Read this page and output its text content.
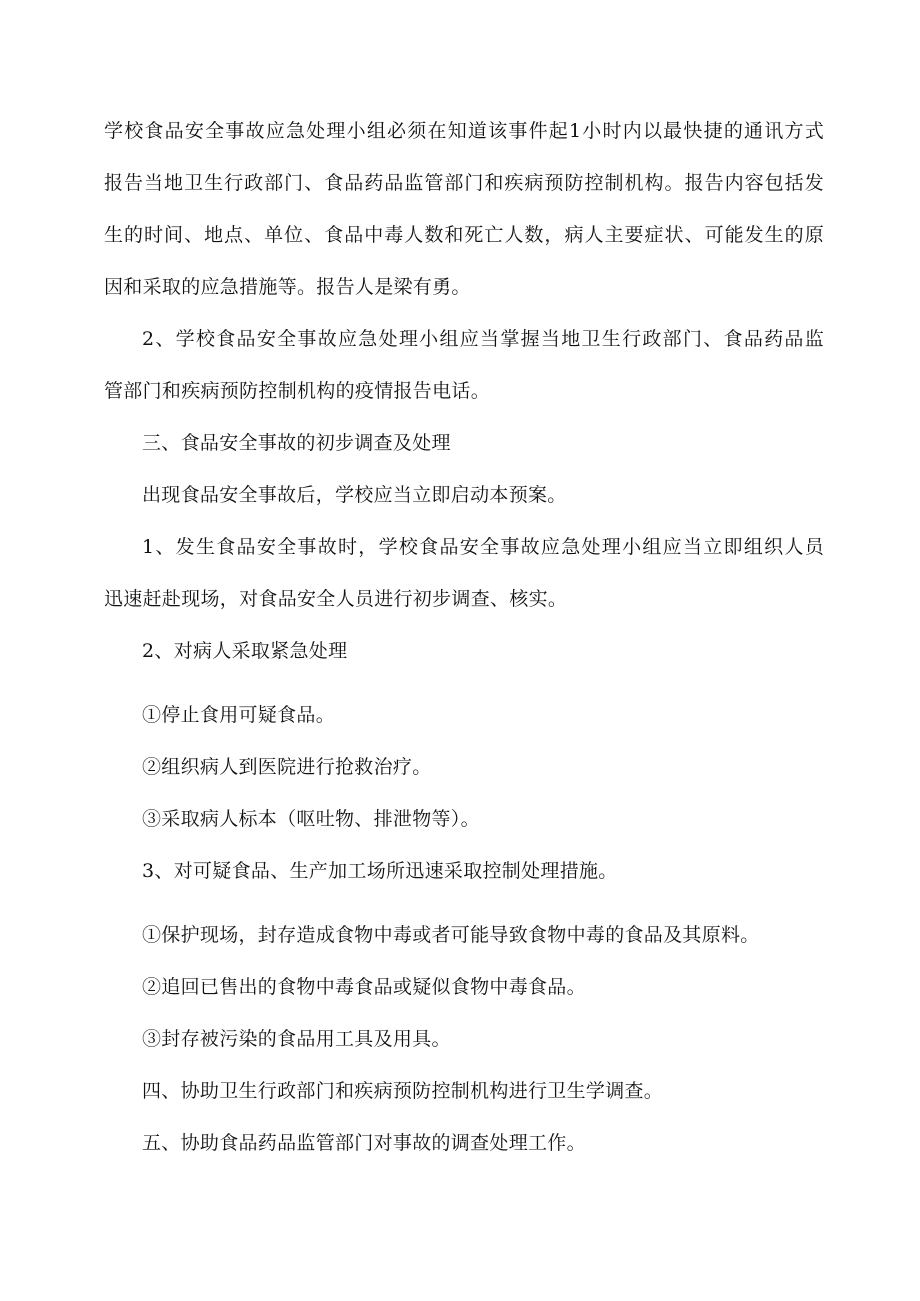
学校食品安全事故应急处理小组必须在知道该事件起1小时内以最快捷的通讯方式
报告当地卫生行政部门、食品药品监管部门和疾病预防控制机构。报告内容包括发
生的时间、地点、单位、食品中毒人数和死亡人数，病人主要症状、可能发生的原
因和采取的应急措施等。报告人是梁有勇。
2、学校食品安全事故应急处理小组应当掌握当地卫生行政部门、食品药品监
管部门和疾病预防控制机构的疫情报告电话。
三、食品安全事故的初步调查及处理
出现食品安全事故后，学校应当立即启动本预案。
1、发生食品安全事故时，学校食品安全事故应急处理小组应当立即组织人员
迅速赶赴现场，对食品安全人员进行初步调查、核实。
2、对病人采取紧急处理
①停止食用可疑食品。
②组织病人到医院进行抢救治疗。
③采取病人标本（呕吐物、排泄物等）。
3、对可疑食品、生产加工场所迅速采取控制处理措施。
①保护现场，封存造成食物中毒或者可能导致食物中毒的食品及其原料。
②追回已售出的食物中毒食品或疑似食物中毒食品。
③封存被污染的食品用工具及用具。
四、协助卫生行政部门和疾病预防控制机构进行卫生学调查。
五、协助食品药品监管部门对事故的调查处理工作。
